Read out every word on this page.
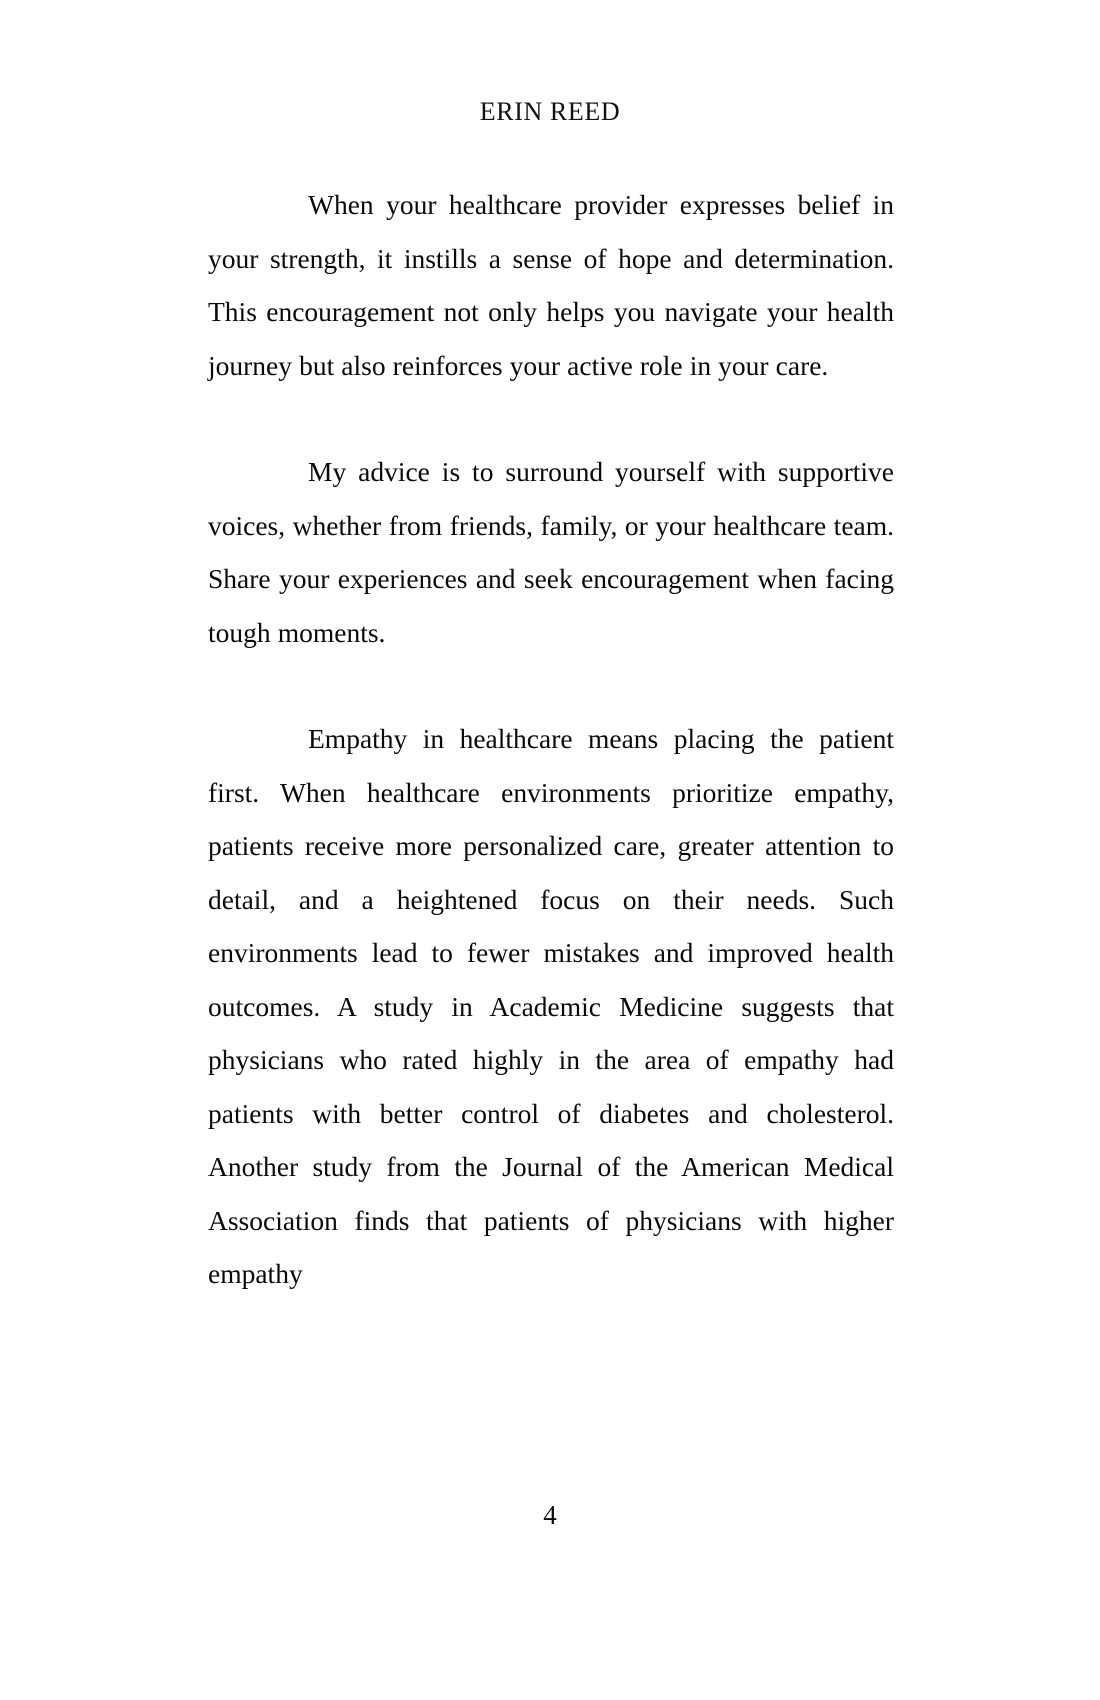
ERIN REED

When your healthcare provider expresses belief in your strength, it instills a sense of hope and determination. This encouragement not only helps you navigate your health journey but also reinforces your active role in your care.

My advice is to surround yourself with supportive voices, whether from friends, family, or your healthcare team. Share your experiences and seek encouragement when facing tough moments.

Empathy in healthcare means placing the patient first. When healthcare environments prioritize empathy, patients receive more personalized care, greater attention to detail, and a heightened focus on their needs. Such environments lead to fewer mistakes and improved health outcomes. A study in Academic Medicine suggests that physicians who rated highly in the area of empathy had patients with better control of diabetes and cholesterol. Another study from the Journal of the American Medical Association finds that patients of physicians with higher empathy

4
